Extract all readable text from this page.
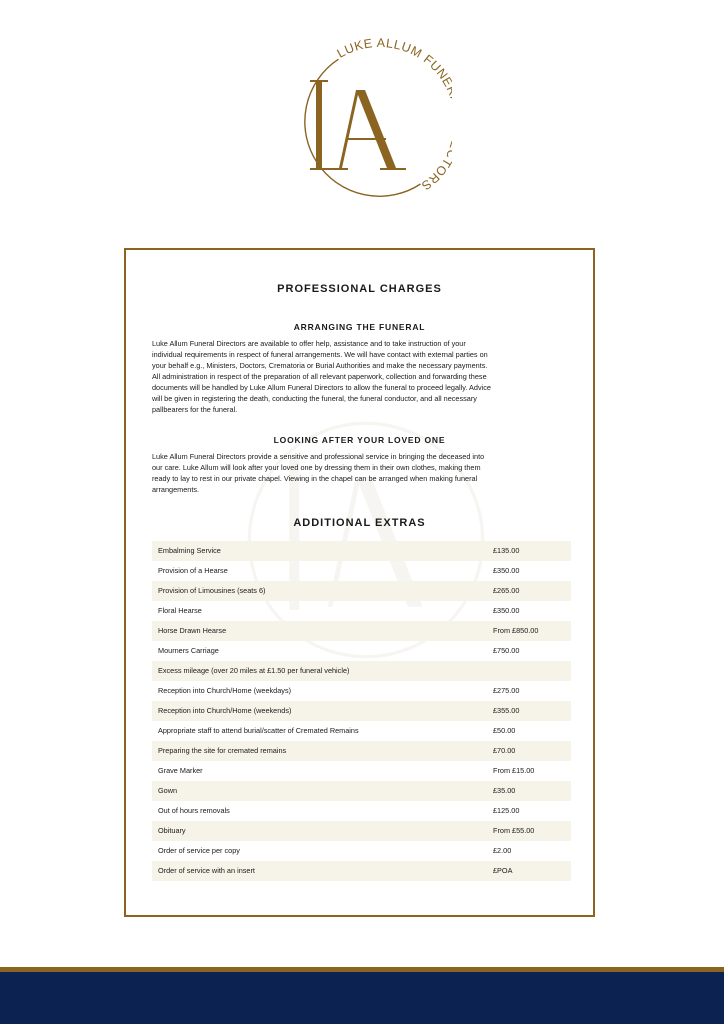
LUKE ALLUM FUN ORS
PROFESSIONAL CHARGES
ARRANGING THE FUNERAL
Luke Allum Funeral Directors are available to offer help, assistance and to take instruction of your
individual requirements in respect of funeral arrangements. We will have contact with external parties on
your behalf e.g., Ministers, Doctors, Crematoria or Burial Authorities and make the necessary payments.
All administration in respect of the preparation of all relevant paperwork, collection and forwarding these
documents will be handled by Luke Allum Funeral Directors to allow the funeral to proceed legally. Advice
will be given in registering the death, conducting the funeral, the funeral conductor, and all necessary
pallbearers for the funeral.
LOOKING AFTER YOUR LOVED ONE
Luke Allum Funeral Directors provide a sensitive and professional service in bringing the deceased into
our care. Luke Allum will look after your loved one by dressing them in their own clothes, making them
ready to lay to rest in our private chapel. Viewing in the chapel can be arranged when making funeral
arrangements.
ADDITIONAL EXTRAS
Embalming Service	£135.00
Provision of a Hearse	£350.00
Provision of Limousines (seats 6)	£265.00
Floral Hearse	£350.00
Horse Drawn Hearse	From £850.00
Mourners Carriage	£750.00
Excess mileage (over 20 miles at £1.50 per funeral vehicle)
Reception into Church/Home (weekdays)	£275.00
Reception into Church/Home (weekends)	£355.00
Appropriate staff to attend burial/scatter of Cremated Remains	£50.00
Preparing the site for cremated remains	£70.00
Grave Marker	From £15.00
Gown	£35.00
Out of hours removals	£125.00
Obituary	From £55.00
Order of service per copy	£2.00
Order of service with an insert	£POA
